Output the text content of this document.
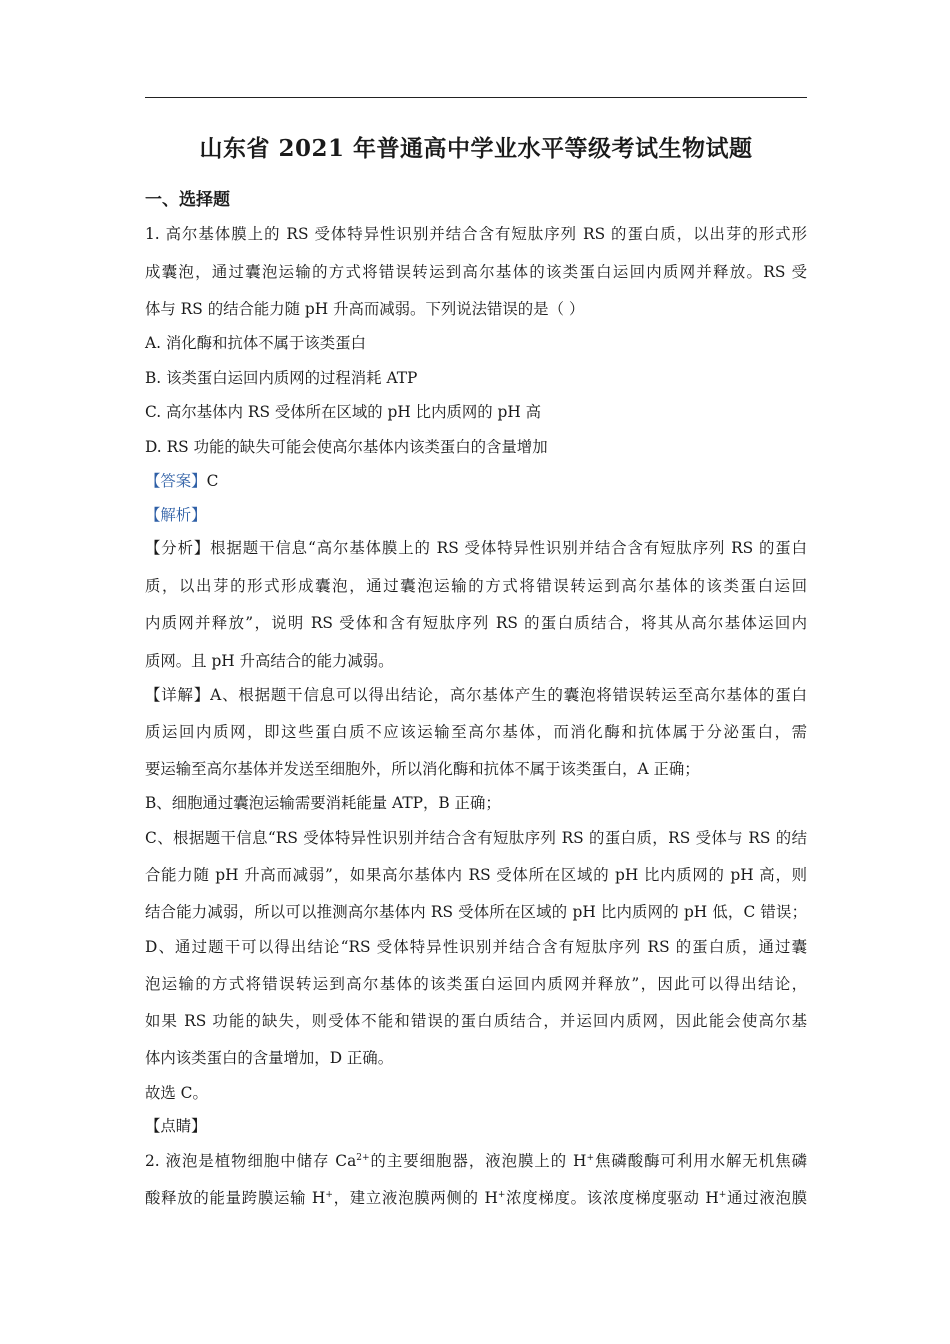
山东省 2021 年普通高中学业水平等级考试生物试题
一、选择题
1. 高尔基体膜上的 RS 受体特异性识别并结合含有短肽序列 RS 的蛋白质，以出芽的形式形
成囊泡，通过囊泡运输的方式将错误转运到高尔基体的该类蛋白运回内质网并释放。RS 受
体与 RS 的结合能力随 pH 升高而减弱。下列说法错误的是（ ）
A. 消化酶和抗体不属于该类蛋白
B. 该类蛋白运回内质网的过程消耗 ATP
C. 高尔基体内 RS 受体所在区域的 pH 比内质网的 pH 高
D. RS 功能的缺失可能会使高尔基体内该类蛋白的含量增加
【答案】C
【解析】
【分析】根据题干信息“高尔基体膜上的 RS 受体特异性识别并结合含有短肽序列 RS 的蛋白
质，以出芽的形式形成囊泡，通过囊泡运输的方式将错误转运到高尔基体的该类蛋白运回
内质网并释放”，说明 RS 受体和含有短肽序列 RS 的蛋白质结合，将其从高尔基体运回内
质网。且 pH 升高结合的能力减弱。
【详解】A、根据题干信息可以得出结论，高尔基体产生的囊泡将错误转运至高尔基体的蛋白
质运回内质网，即这些蛋白质不应该运输至高尔基体，而消化酶和抗体属于分泌蛋白，需
要运输至高尔基体并发送至细胞外，所以消化酶和抗体不属于该类蛋白，A 正确；
B、细胞通过囊泡运输需要消耗能量 ATP，B 正确；
C、根据题干信息“RS 受体特异性识别并结合含有短肽序列 RS 的蛋白质，RS 受体与 RS 的结
合能力随 pH 升高而减弱”，如果高尔基体内 RS 受体所在区域的 pH 比内质网的 pH 高，则
结合能力减弱，所以可以推测高尔基体内 RS 受体所在区域的 pH 比内质网的 pH 低，C 错误；
D、通过题干可以得出结论“RS 受体特异性识别并结合含有短肽序列 RS 的蛋白质，通过囊
泡运输的方式将错误转运到高尔基体的该类蛋白运回内质网并释放”，因此可以得出结论，
如果 RS 功能的缺失，则受体不能和错误的蛋白质结合，并运回内质网，因此能会使高尔基
体内该类蛋白的含量增加，D 正确。
故选 C。
【点睛】
2. 液泡是植物细胞中储存 $Ca^{2+}$的主要细胞器，液泡膜上的 H+焦磷酸酶可利用水解无机焦磷
酸释放的能量跨膜运输 H+，建立液泡膜两侧的 H+浓度梯度。该浓度梯度驱动 H+通过液泡膜
